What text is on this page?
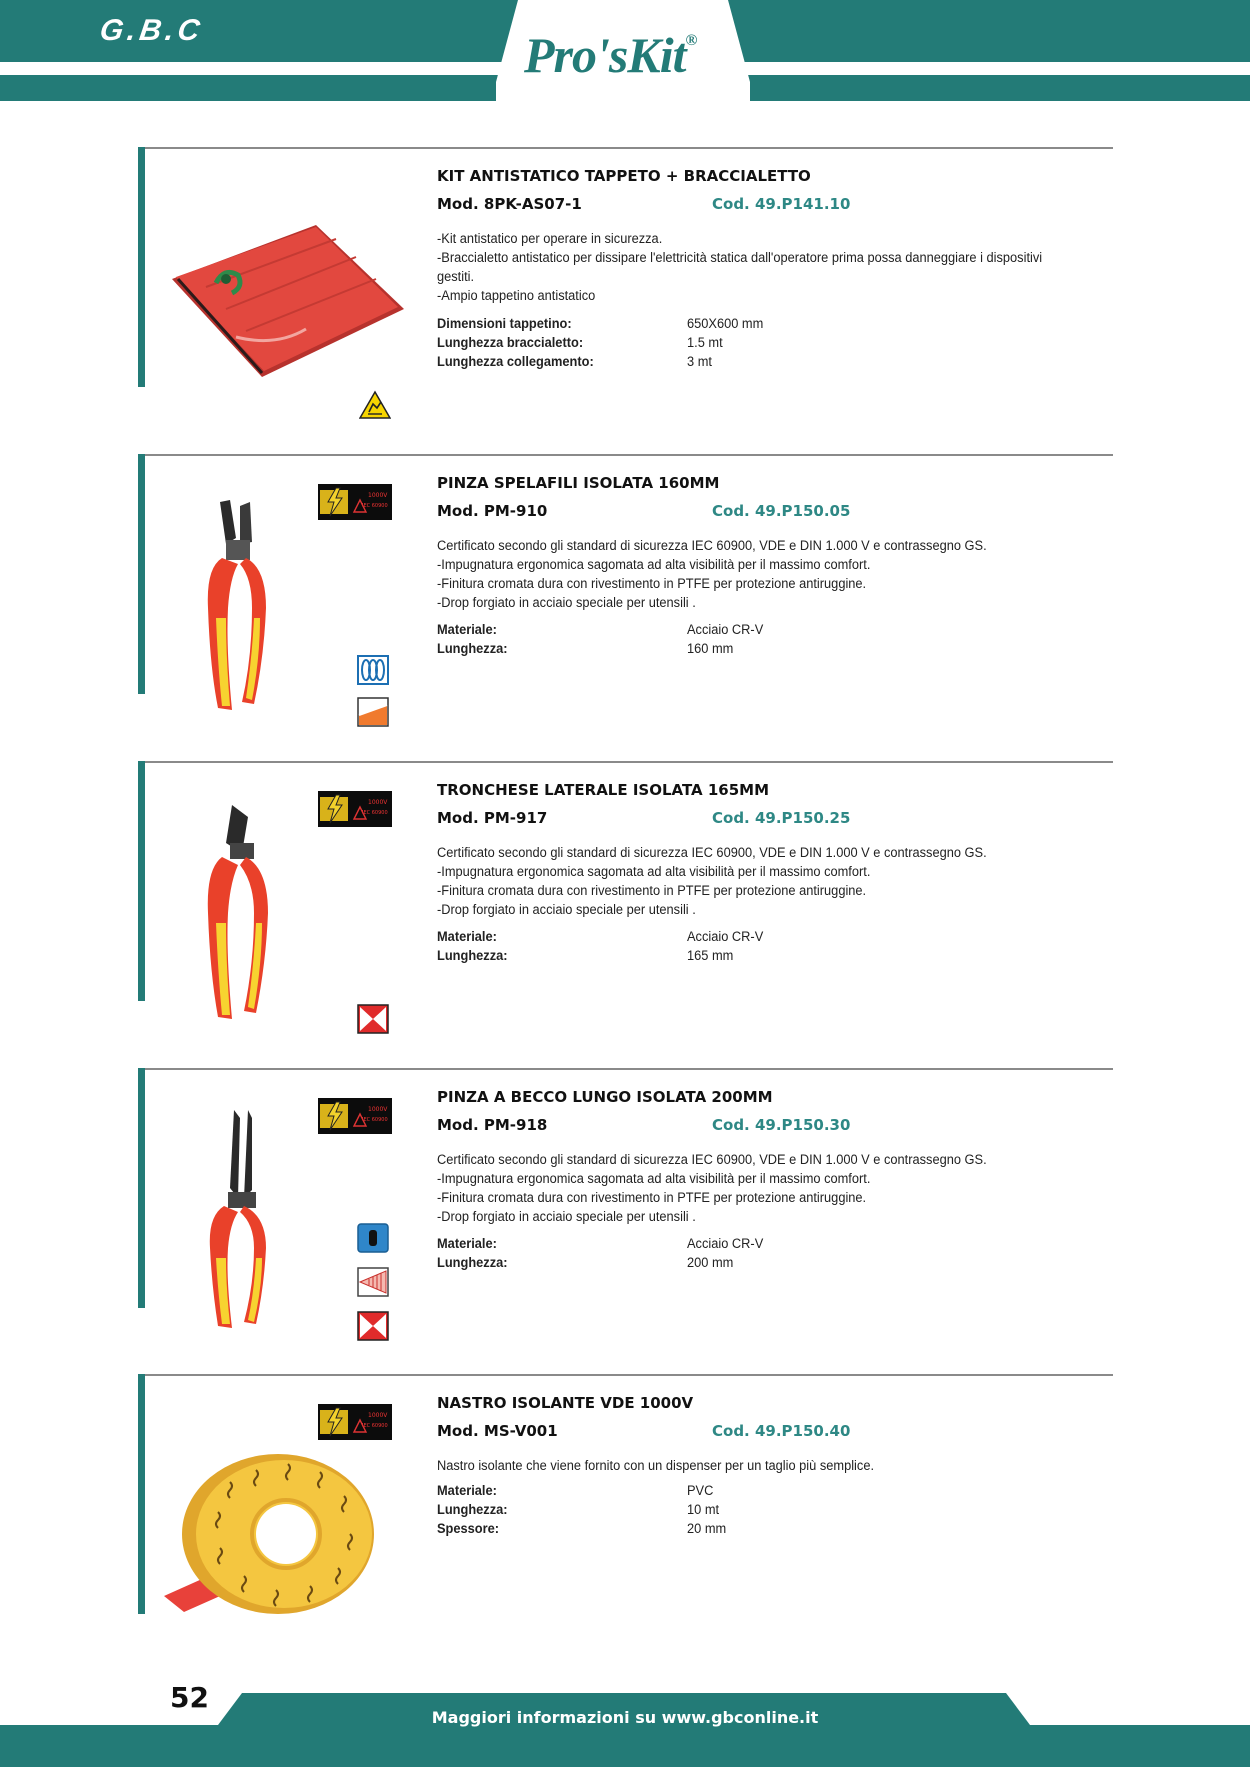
G.B.C	Pro'sKit®
KIT ANTISTATICO TAPPETO + BRACCIALETTO
Mod. 8PK-AS07-1	Cod. 49.P141.10
-Kit antistatico per operare in sicurezza.
-Braccialetto antistatico per dissipare l'elettricità statica dall'operatore prima possa danneggiare i dispositivi gestiti.
-Ampio tappetino antistatico
Dimensioni tappetino:	650X600 mm
Lunghezza braccialetto:	1.5 mt
Lunghezza collegamento:	3 mt
PINZA SPELAFILI ISOLATA 160MM
Mod. PM-910	Cod. 49.P150.05
Certificato secondo gli standard di sicurezza IEC 60900, VDE e DIN 1.000 V e contrassegno GS.
-Impugnatura ergonomica sagomata ad alta visibilità per il massimo comfort.
-Finitura cromata dura con rivestimento in PTFE per protezione antiruggine.
-Drop forgiato in acciaio speciale per utensili .
Materiale:	Acciaio CR-V
Lunghezza:	160 mm
1000V
IEC 60900
TRONCHESE LATERALE ISOLATA 165MM
Mod. PM-917	Cod. 49.P150.25
Certificato secondo gli standard di sicurezza IEC 60900, VDE e DIN 1.000 V e contrassegno GS.
-Impugnatura ergonomica sagomata ad alta visibilità per il massimo comfort.
-Finitura cromata dura con rivestimento in PTFE per protezione antiruggine.
-Drop forgiato in acciaio speciale per utensili .
Materiale:	Acciaio CR-V
Lunghezza:	165 mm
1000V
IEC 60900
PINZA A BECCO LUNGO ISOLATA 200MM
Mod. PM-918	Cod. 49.P150.30
Certificato secondo gli standard di sicurezza IEC 60900, VDE e DIN 1.000 V e contrassegno GS.
-Impugnatura ergonomica sagomata ad alta visibilità per il massimo comfort.
-Finitura cromata dura con rivestimento in PTFE per protezione antiruggine.
-Drop forgiato in acciaio speciale per utensili .
Materiale:	Acciaio CR-V
Lunghezza:	200 mm
1000V
IEC 60900
NASTRO ISOLANTE VDE 1000V
Mod. MS-V001	Cod. 49.P150.40
Nastro isolante che viene fornito con un dispenser per un taglio più semplice.
Materiale:	PVC
Lunghezza:	10 mt
Spessore:	20 mm
1000V
IEC 60900
52
Maggiori informazioni su www.gbconline.it
